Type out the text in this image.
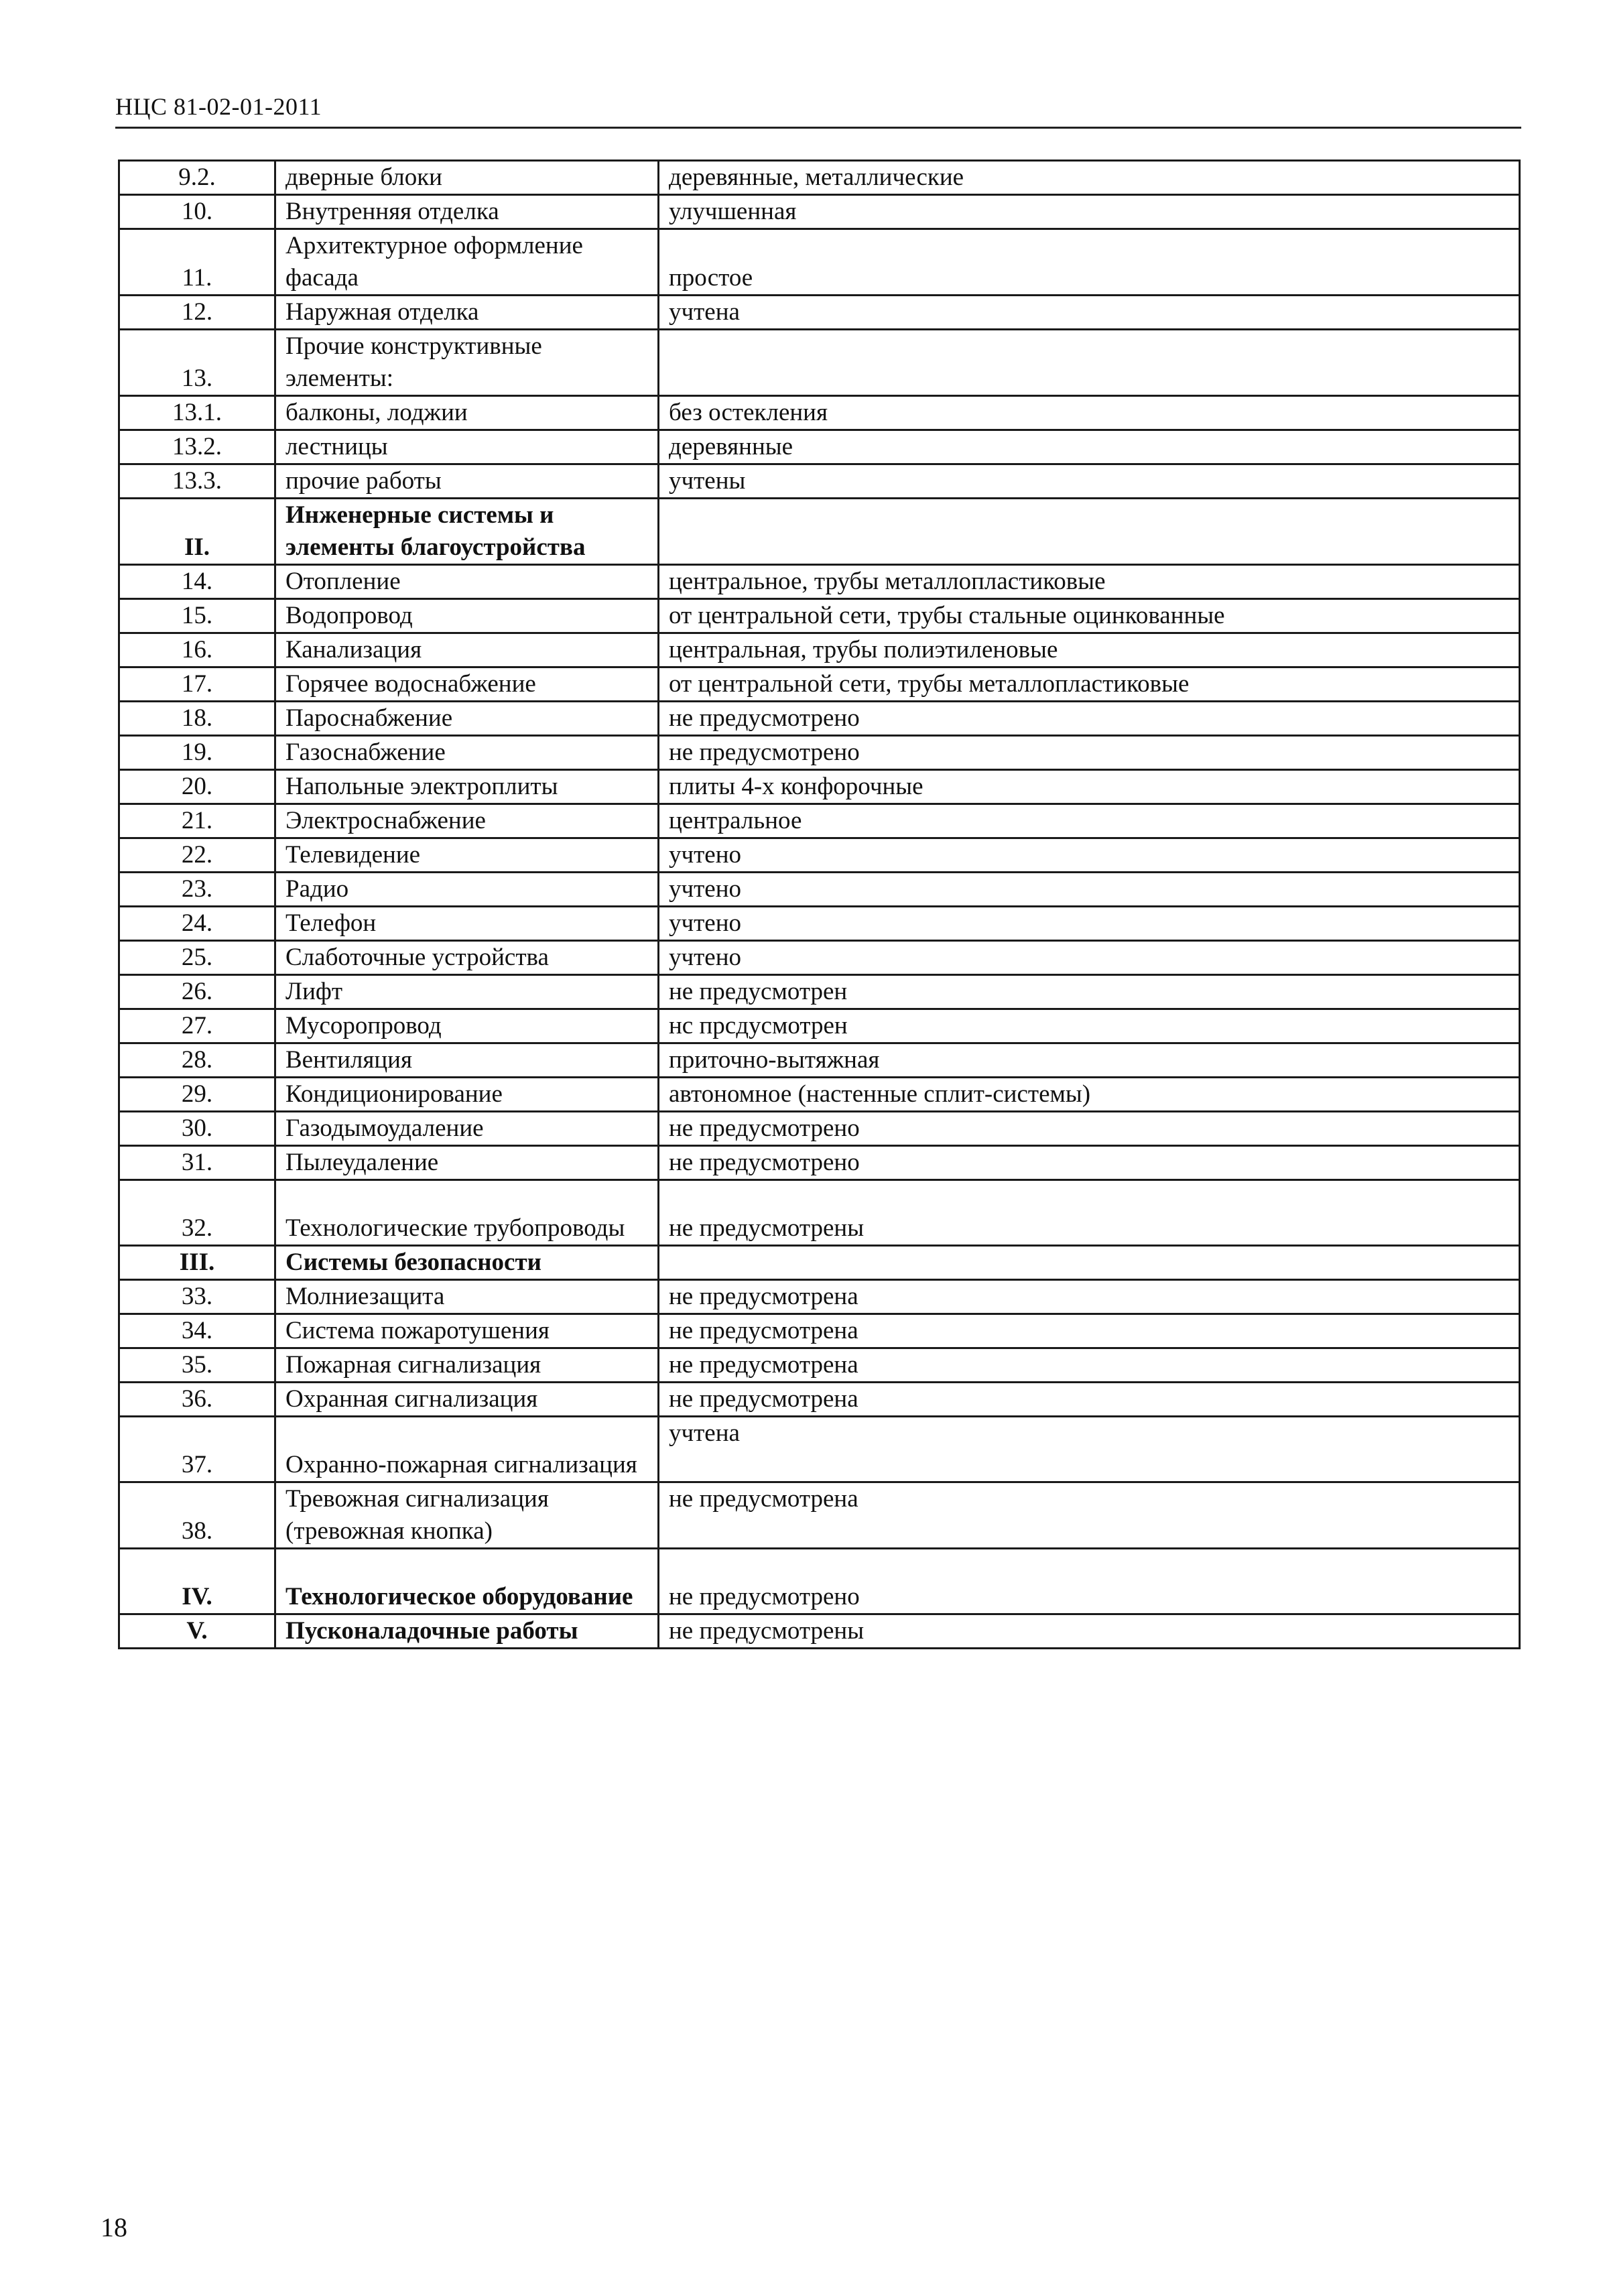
НЦС 81-02-01-2011
9.2.	дверные блоки	деревянные, металлические
10.	Внутренняя отделка	улучшенная
11.	Архитектурное оформление фасада	простое
12.	Наружная отделка	учтена
13.	Прочие конструктивные элементы:	
13.1.	балконы, лоджии	без остекления
13.2.	лестницы	деревянные
13.3.	прочие работы	учтены
II.	Инженерные системы и элементы благоустройства	
14.	Отопление	центральное, трубы металлопластиковые
15.	Водопровод	от центральной сети, трубы стальные оцинкованные
16.	Канализация	центральная, трубы полиэтиленовые
17.	Горячее водоснабжение	от центральной сети, трубы металлопластиковые
18.	Пароснабжение	не предусмотрено
19.	Газоснабжение	не предусмотрено
20.	Напольные электроплиты	плиты 4-х конфорочные
21.	Электроснабжение	центральное
22.	Телевидение	учтено
23.	Радио	учтено
24.	Телефон	учтено
25.	Слаботочные устройства	учтено
26.	Лифт	не предусмотрен
27.	Мусоропровод	нс прсдусмотрен
28.	Вентиляция	приточно-вытяжная
29.	Кондиционирование	автономное (настенные сплит-системы)
30.	Газодымоудаление	не предусмотрено
31.	Пылеудаление	не предусмотрено
32.	Технологические трубопроводы	не предусмотрены
III.	Системы безопасности	
33.	Молниезащита	не предусмотрена
34.	Система пожаротушения	не предусмотрена
35.	Пожарная сигнализация	не предусмотрена
36.	Охранная сигнализация	не предусмотрена
37.	Охранно-пожарная сигнализация	учтена
38.	Тревожная сигнализация (тревожная кнопка)	не предусмотрена
IV.	Технологическое оборудование	не предусмотрено
V.	Пусконаладочные работы	не предусмотрены
18
